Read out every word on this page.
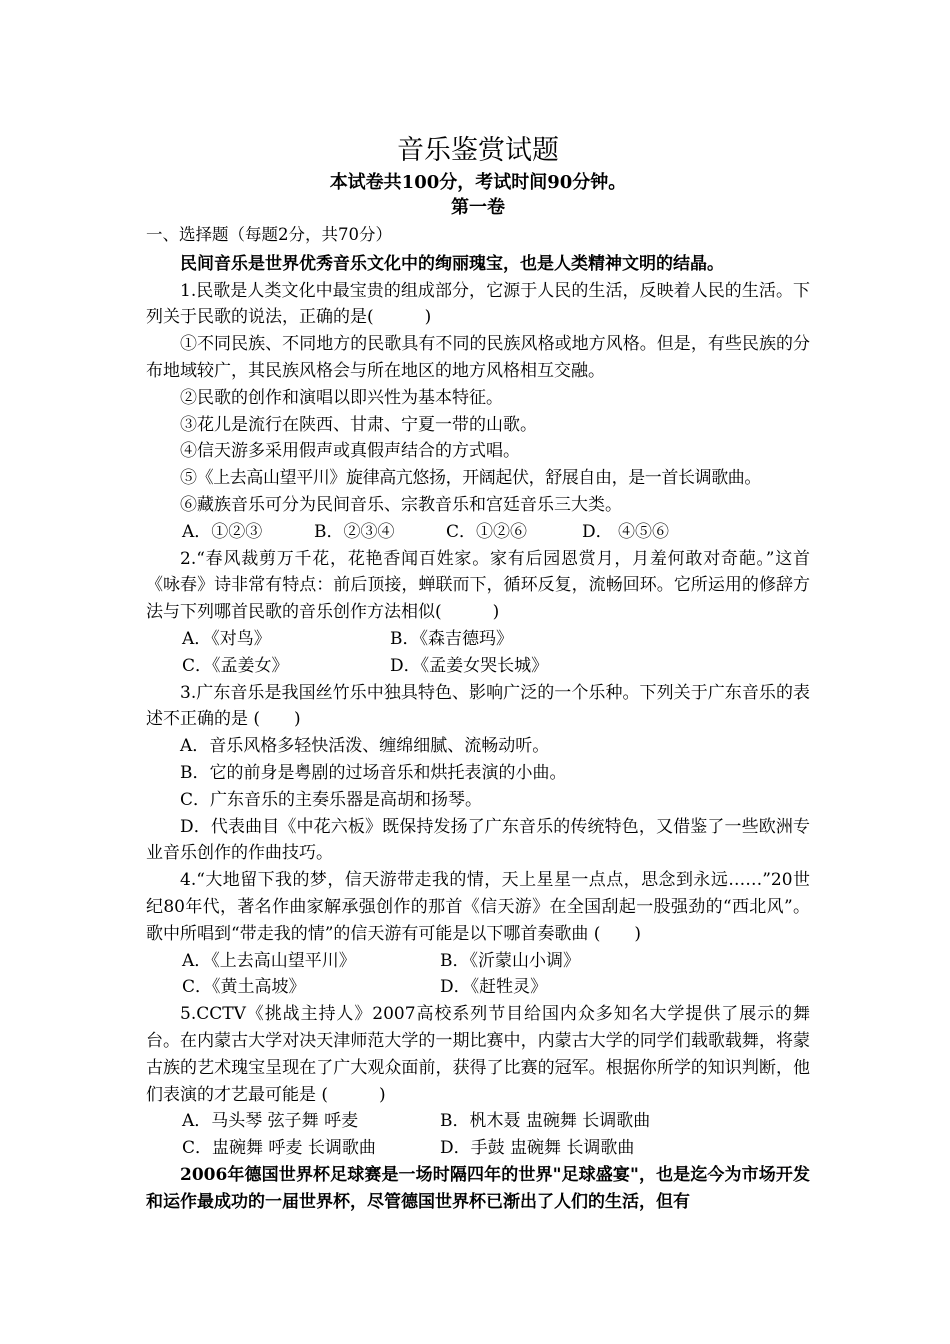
音乐鉴赏试题
本试卷共100分，考试时间90分钟。
第一卷
一、选择题（每题2分，共70分）

民间音乐是世界优秀音乐文化中的绚丽瑰宝，也是人类精神文明的结晶。

1.民歌是人类文化中最宝贵的组成部分，它源于人民的生活，反映着人民的生活。下列关于民歌的说法，正确的是(　　　)

①不同民族、不同地方的民歌具有不同的民族风格或地方风格。但是，有些民族的分布地域较广，其民族风格会与所在地区的地方风格相互交融。

②民歌的创作和演唱以即兴性为基本特征。

③花儿是流行在陕西、甘肃、宁夏一带的山歌。

④信天游多采用假声或真假声结合的方式唱。

⑤《上去高山望平川》旋律高亢悠扬，开阔起伏，舒展自由，是一首长调歌曲。

⑥藏族音乐可分为民间音乐、宗教音乐和宫廷音乐三大类。

A．①②③	B．②③④	C．①②⑥	D． ④⑤⑥

2.“春风裁剪万千花，花艳香闻百姓家。家有后园恩赏月，月羞何敢对奇葩。”这首《咏春》诗非常有特点：前后顶接，蝉联而下，循环反复，流畅回环。它所运用的修辞方法与下列哪首民歌的音乐创作方法相似(　　　)

A．《对鸟》	B．《森吉德玛》
C．《孟姜女》	D．《孟姜女哭长城》

3.广东音乐是我国丝竹乐中独具特色、影响广泛的一个乐种。下列关于广东音乐的表述不正确的是 (　　)

A．音乐风格多轻快活泼、缠绵细腻、流畅动听。

B．它的前身是粤剧的过场音乐和烘托表演的小曲。

C．广东音乐的主奏乐器是高胡和扬琴。

D．代表曲目《中花六板》既保持发扬了广东音乐的传统特色，又借鉴了一些欧洲专业音乐创作的作曲技巧。

4.“大地留下我的梦，信天游带走我的情，天上星星一点点，思念到永远……”20世纪80年代，著名作曲家解承强创作的那首《信天游》在全国刮起一股强劲的“西北风”。歌中所唱到“带走我的情”的信天游有可能是以下哪首奏歌曲 (　　)

A．《上去高山望平川》	B．《沂蒙山小调》
C．《黄土高坡》	D．《赶牲灵》

5.CCTV《挑战主持人》2007高校系列节目给国内众多知名大学提供了展示的舞台。在内蒙古大学对决天津师范大学的一期比赛中，内蒙古大学的同学们载歌载舞，将蒙古族的艺术瑰宝呈现在了广大观众面前，获得了比赛的冠军。根据你所学的知识判断，他们表演的才艺最可能是 (　　　)

A．马头琴 弦子舞 呼麦	B．杋木聂 盅碗舞 长调歌曲
C．盅碗舞 呼麦 长调歌曲	D．手鼓 盅碗舞 长调歌曲

2006年德国世界杯足球赛是一场时隔四年的世界"足球盛宴"，也是迄今为市场开发和运作最成功的一届世界杯，尽管德国世界杯已渐出了人们的生活，但有
